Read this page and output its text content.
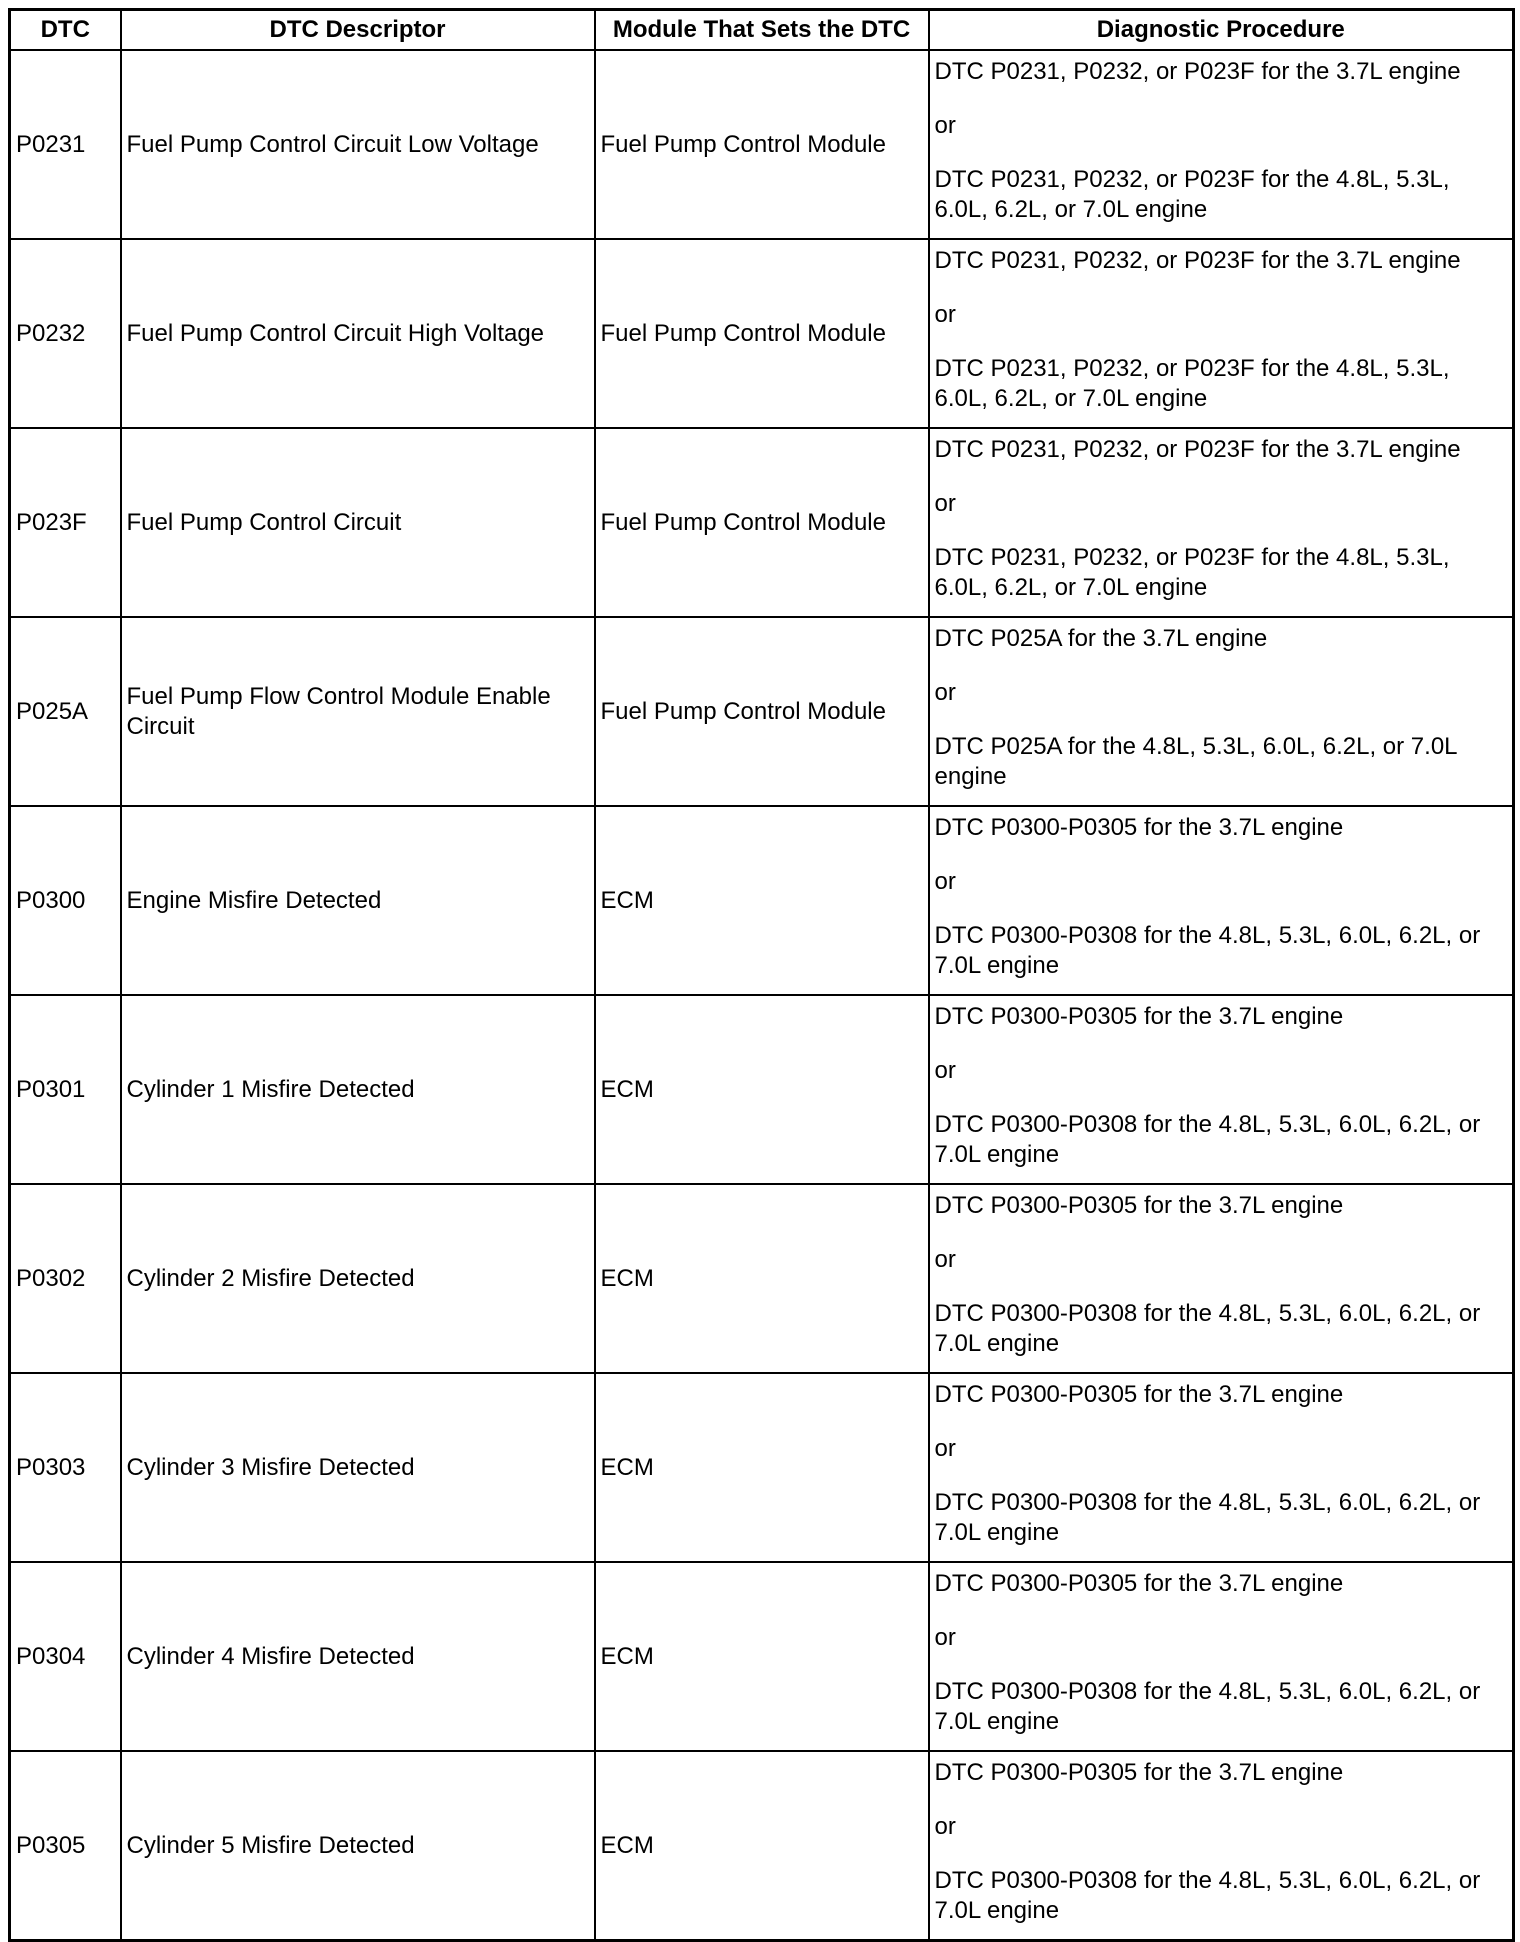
DTC	DTC Descriptor	Module That Sets the DTC	Diagnostic Procedure
P0231	Fuel Pump Control Circuit Low Voltage	Fuel Pump Control Module	DTC P0231, P0232, or P023F for the 3.7L engine

or

DTC P0231, P0232, or P023F for the 4.8L, 5.3L, 6.0L, 6.2L, or 7.0L engine

P0232	Fuel Pump Control Circuit High Voltage	Fuel Pump Control Module	DTC P0231, P0232, or P023F for the 3.7L engine

or

DTC P0231, P0232, or P023F for the 4.8L, 5.3L, 6.0L, 6.2L, or 7.0L engine

P023F	Fuel Pump Control Circuit	Fuel Pump Control Module	DTC P0231, P0232, or P023F for the 3.7L engine

or

DTC P0231, P0232, or P023F for the 4.8L, 5.3L, 6.0L, 6.2L, or 7.0L engine

P025A	Fuel Pump Flow Control Module Enable Circuit	Fuel Pump Control Module	DTC P025A for the 3.7L engine

or

DTC P025A for the 4.8L, 5.3L, 6.0L, 6.2L, or 7.0L engine

P0300	Engine Misfire Detected	ECM	DTC P0300-P0305 for the 3.7L engine

or

DTC P0300-P0308 for the 4.8L, 5.3L, 6.0L, 6.2L, or 7.0L engine

P0301	Cylinder 1 Misfire Detected	ECM	DTC P0300-P0305 for the 3.7L engine

or

DTC P0300-P0308 for the 4.8L, 5.3L, 6.0L, 6.2L, or 7.0L engine

P0302	Cylinder 2 Misfire Detected	ECM	DTC P0300-P0305 for the 3.7L engine

or

DTC P0300-P0308 for the 4.8L, 5.3L, 6.0L, 6.2L, or 7.0L engine

P0303	Cylinder 3 Misfire Detected	ECM	DTC P0300-P0305 for the 3.7L engine

or

DTC P0300-P0308 for the 4.8L, 5.3L, 6.0L, 6.2L, or 7.0L engine

P0304	Cylinder 4 Misfire Detected	ECM	DTC P0300-P0305 for the 3.7L engine

or

DTC P0300-P0308 for the 4.8L, 5.3L, 6.0L, 6.2L, or 7.0L engine

P0305	Cylinder 5 Misfire Detected	ECM	DTC P0300-P0305 for the 3.7L engine

or

DTC P0300-P0308 for the 4.8L, 5.3L, 6.0L, 6.2L, or 7.0L engine
